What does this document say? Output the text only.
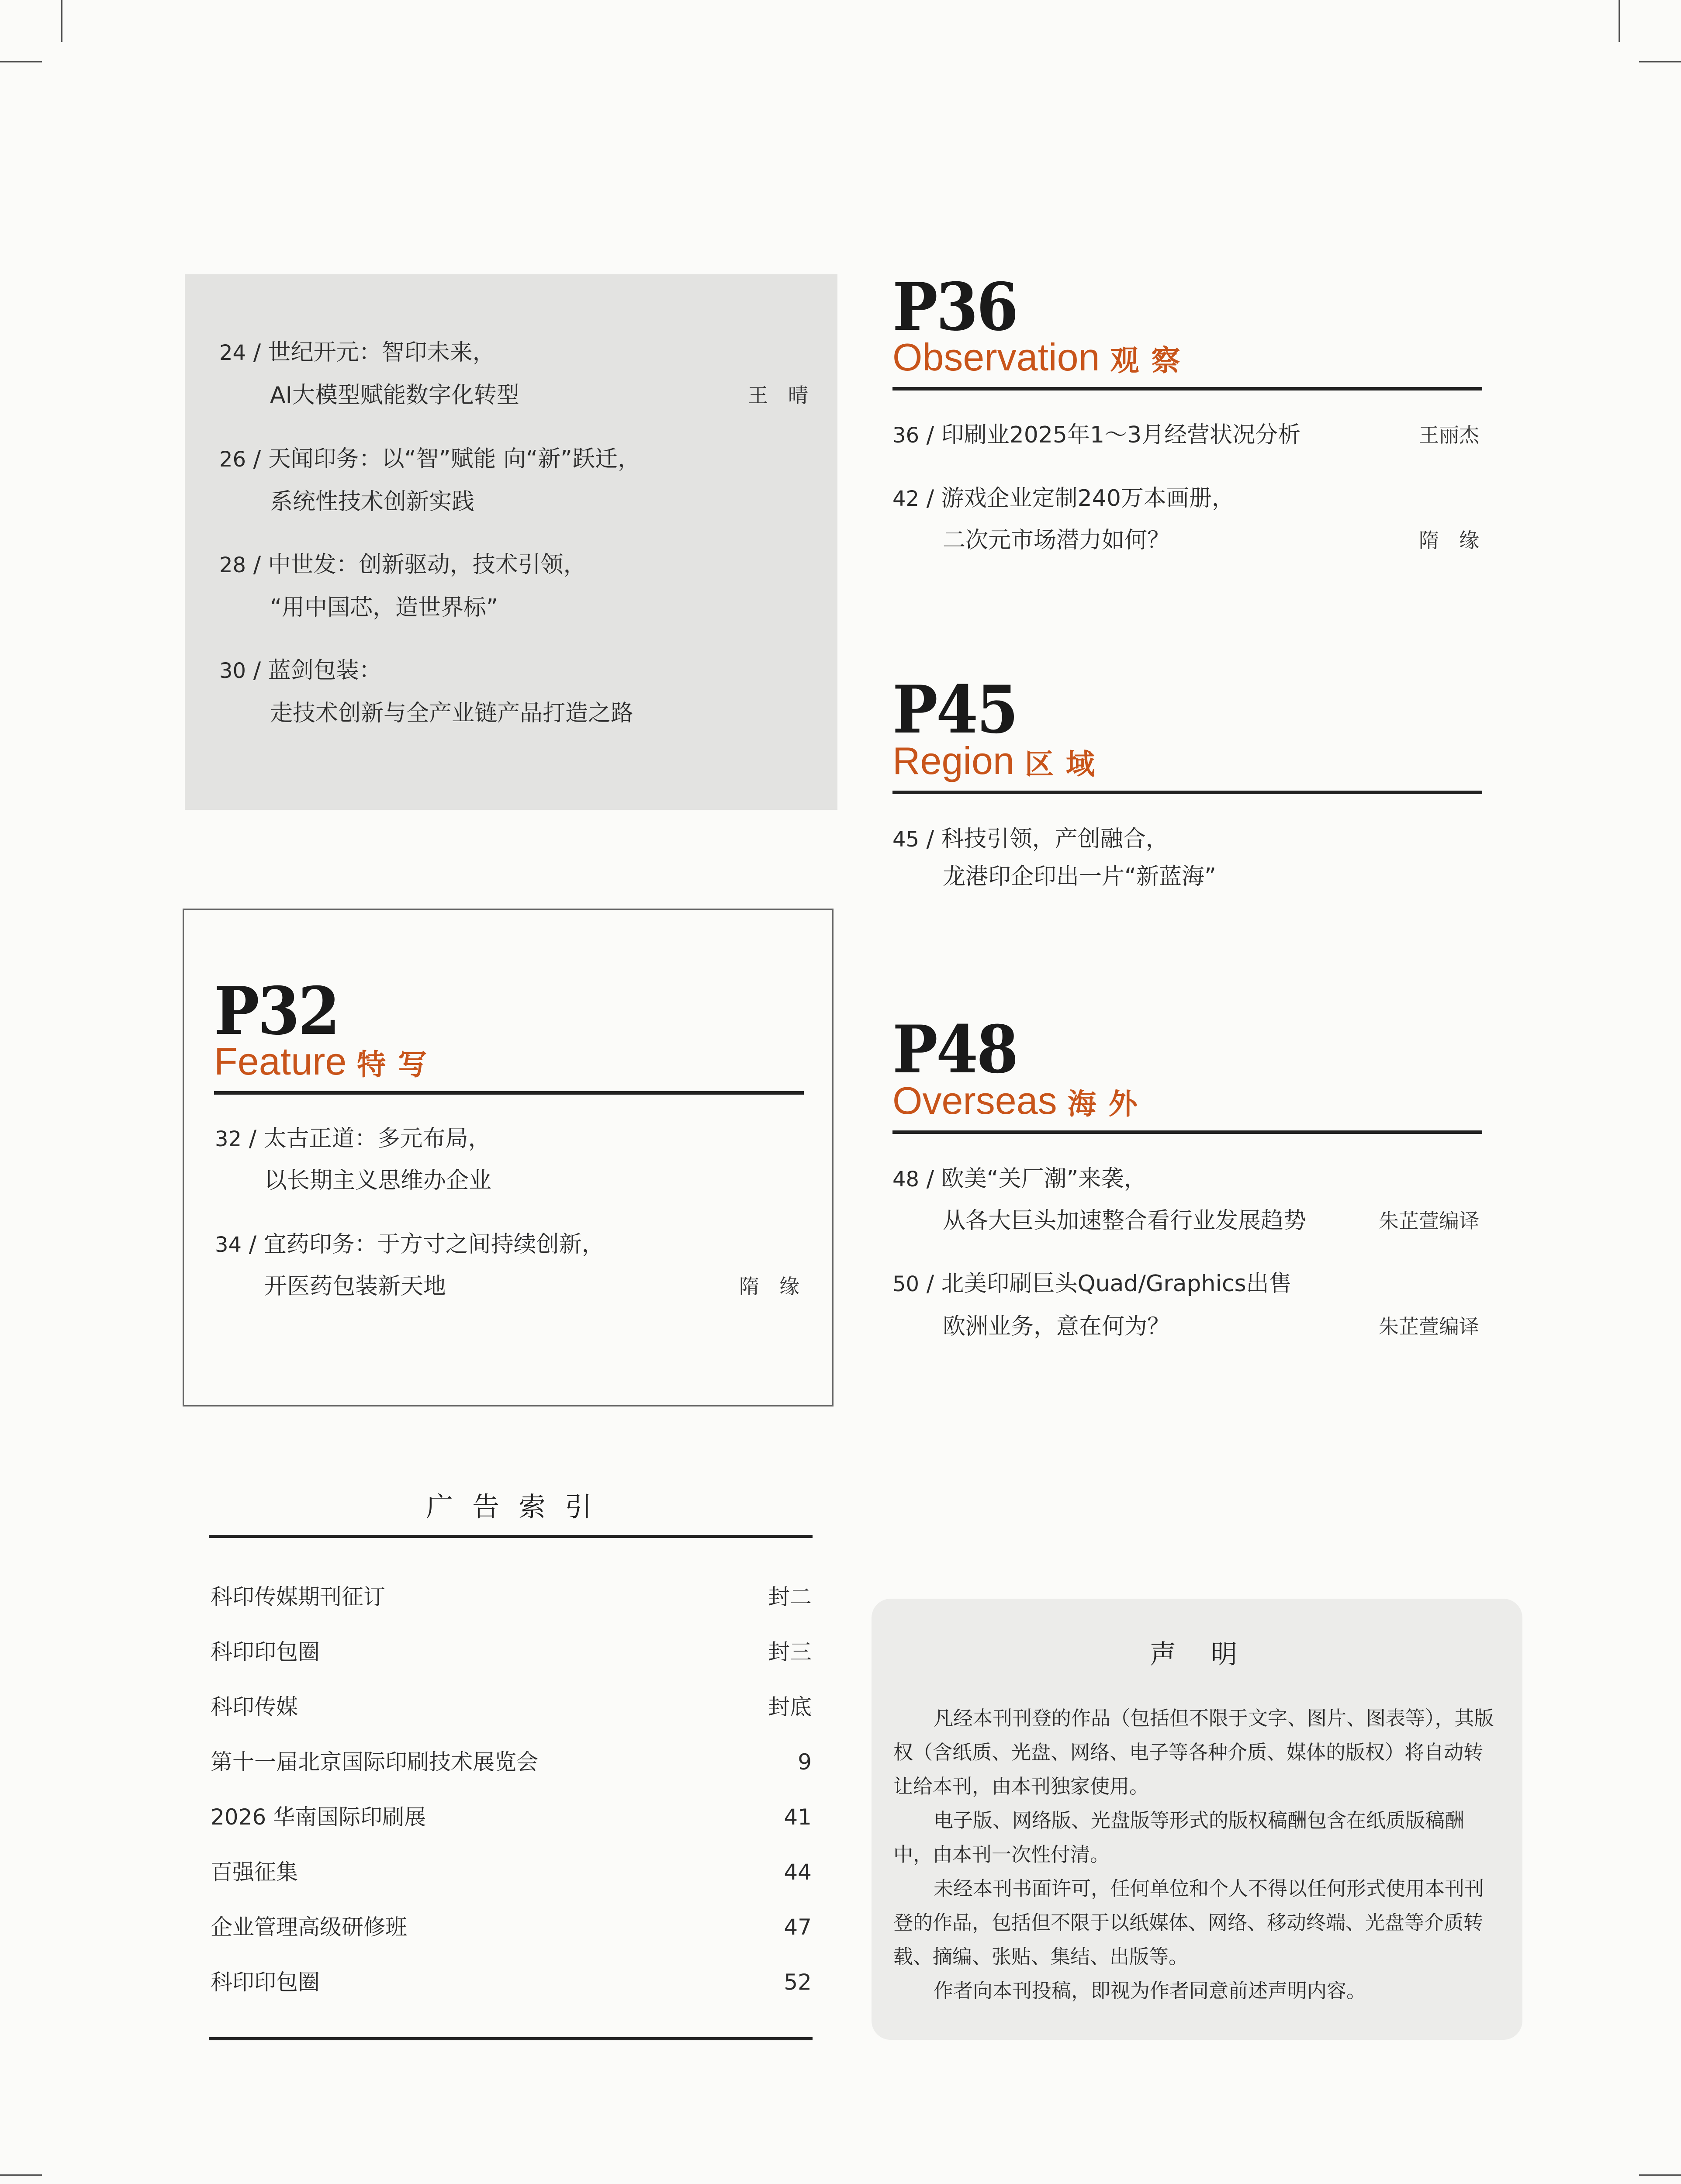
24 / 世纪开元：智印未来，
AI大模型赋能数字化转型	王　晴
26 / 天闻印务：以“智”赋能 向“新”跃迁，
系统性技术创新实践
28 / 中世发：创新驱动，技术引领，
“用中国芯，造世界标”
30 / 蓝剑包装：
走技术创新与全产业链产品打造之路
P32
Feature 特写
32 / 太古正道：多元布局，
以长期主义思维办企业
34 / 宜药印务：于方寸之间持续创新，
开医药包装新天地	隋　缘
P36
Observation 观察
36 / 印刷业2025年1～3月经营状况分析	王丽杰
42 / 游戏企业定制240万本画册，
二次元市场潜力如何？	隋　缘
P45
Region 区域
45 / 科技引领，产创融合，
龙港印企印出一片“新蓝海”
P48
Overseas 海外
48 / 欧美“关厂潮”来袭，
从各大巨头加速整合看行业发展趋势	朱芷萱编译
50 / 北美印刷巨头Quad/Graphics出售
欧洲业务，意在何为？	朱芷萱编译
广告索引
科印传媒期刊征订	封二
科印印包圈	封三
科印传媒	封底
第十一届北京国际印刷技术展览会	9
2026 华南国际印刷展	41
百强征集	44
企业管理高级研修班	47
科印印包圈	52
声明

凡经本刊刊登的作品（包括但不限于文字、图片、图表等），其版权（含纸质、光盘、网络、电子等各种介质、媒体的版权）将自动转让给本刊，由本刊独家使用。

电子版、网络版、光盘版等形式的版权稿酬包含在纸质版稿酬中，由本刊一次性付清。

未经本刊书面许可，任何单位和个人不得以任何形式使用本刊刊登的作品，包括但不限于以纸媒体、网络、移动终端、光盘等介质转载、摘编、张贴、集结、出版等。

作者向本刊投稿，即视为作者同意前述声明内容。
